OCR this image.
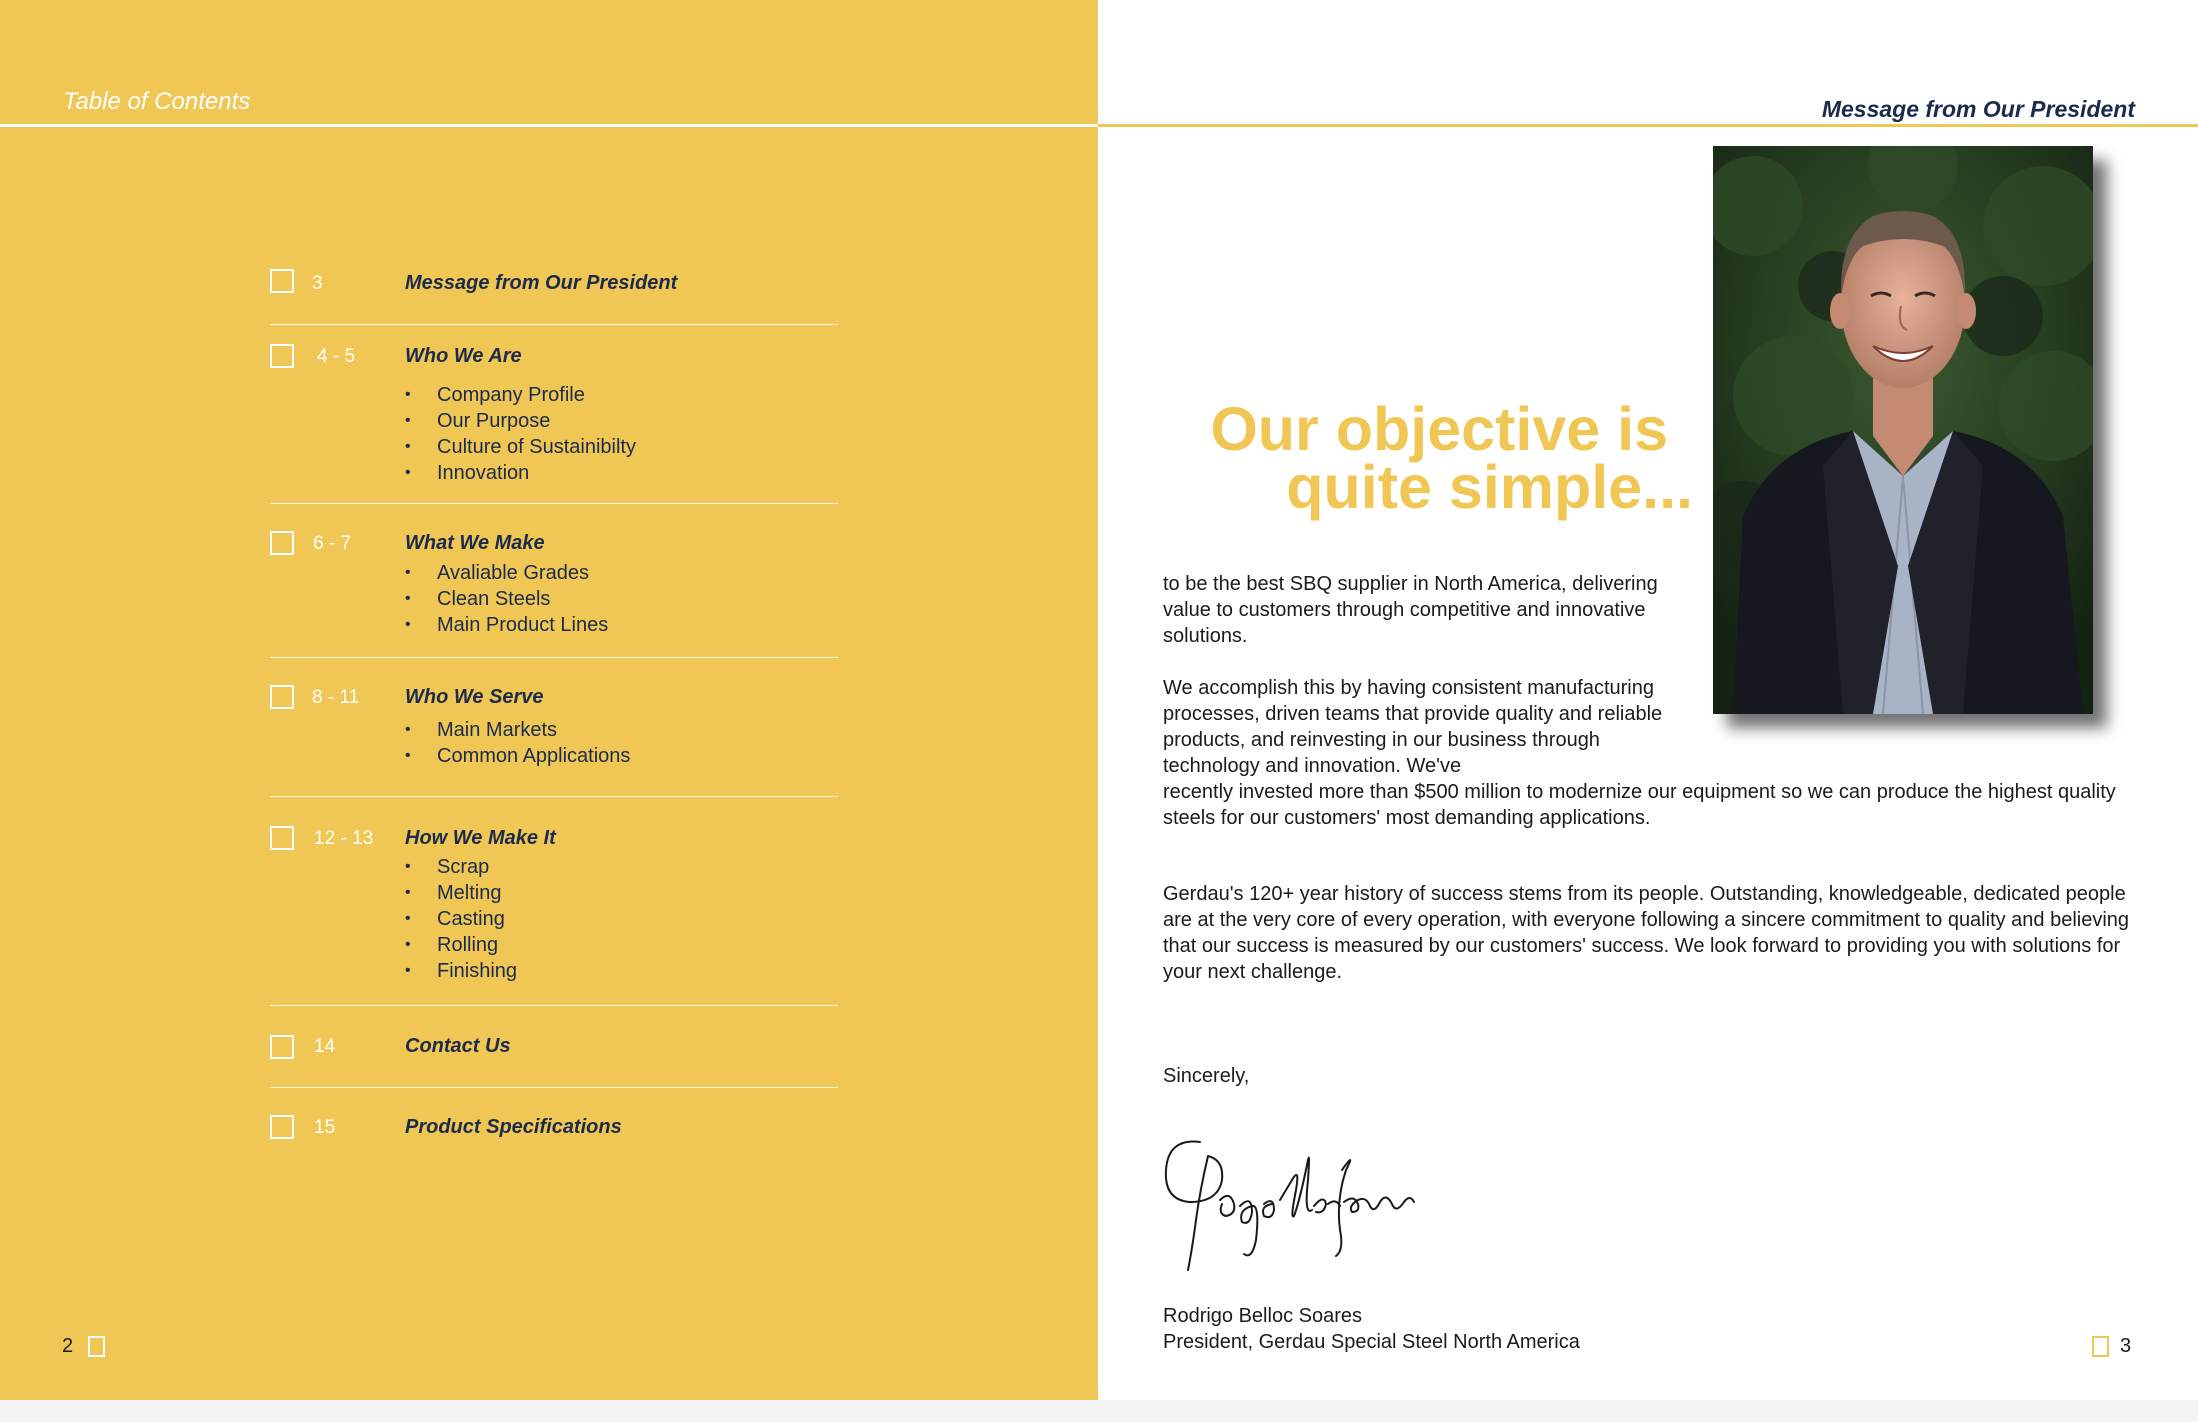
Table of Contents
3	Message from Our President
4 - 5 Who We Are
• Company Profile
• Our Purpose
• Culture of Sustainibilty
• Innovation
6 - 7	What We Make
• Avaliable Grades
• Clean Steels
• Main Product Lines
8 - 11 Who We Serve
• Main Markets
• Common Applications
12 - 13 How We Make It
• Scrap
• Melting
• Casting
• Rolling
• Finishing
14	Contact Us
15	Product Specifications
2
Message from Our President
Our objective is
quite simple...
to be the best SBQ supplier in North America, delivering value to customers through competitive and innovative solutions.
We accomplish this by having consistent manufacturing processes, driven teams that provide quality and reliable products, and reinvesting in our business through technology and innovation. We've
recently invested more than $500 million to modernize our equipment so we can produce the highest quality steels for our customers' most demanding applications.
Gerdau's 120+ year history of success stems from its people. Outstanding, knowledgeable, dedicated people are at the very core of every operation, with everyone following a sincere commitment to quality and believing that our success is measured by our customers' success. We look forward to providing you with solutions for your next challenge.
Sincerely,
Rodrigo Belloc Soares
President, Gerdau Special Steel North America	3
